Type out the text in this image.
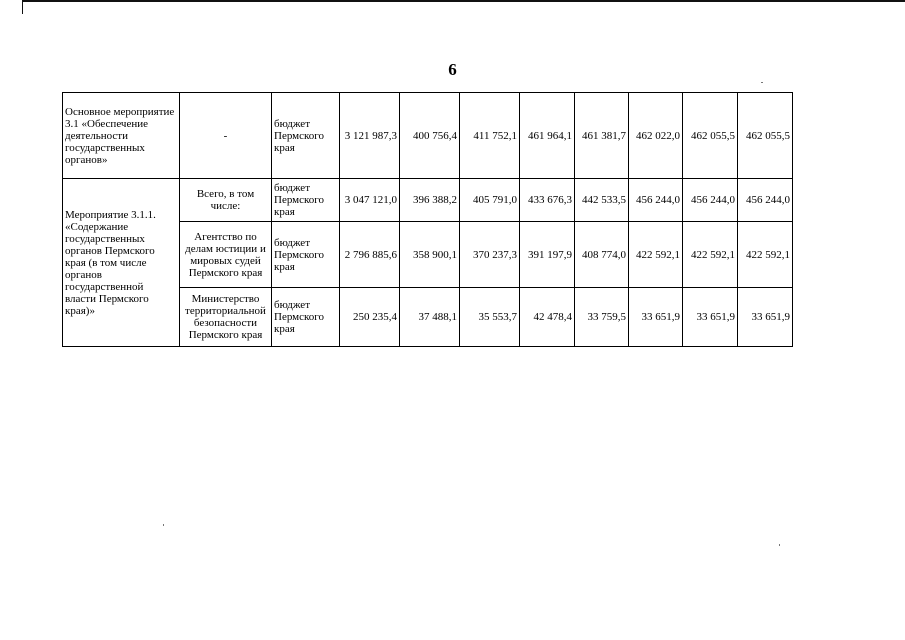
6
Основное мероприятие 3.1 «Обеспечение деятельности государственных органов»	-	бюджет Пермского края	3 121 987,3	400 756,4	411 752,1	461 964,1	461 381,7	462 022,0	462 055,5	462 055,5
Мероприятие 3.1.1. «Содержание государственных органов Пермского края (в том числе органов государственной власти Пермского края)»	Всего, в том числе:	бюджет Пермского края	3 047 121,0	396 388,2	405 791,0	433 676,3	442 533,5	456 244,0	456 244,0	456 244,0
	Агентство по делам юстиции и мировых судей Пермского края	бюджет Пермского края	2 796 885,6	358 900,1	370 237,3	391 197,9	408 774,0	422 592,1	422 592,1	422 592,1
	Министерство территориальной безопасности Пермского края	бюджет Пермского края	250 235,4	37 488,1	35 553,7	42 478,4	33 759,5	33 651,9	33 651,9	33 651,9
